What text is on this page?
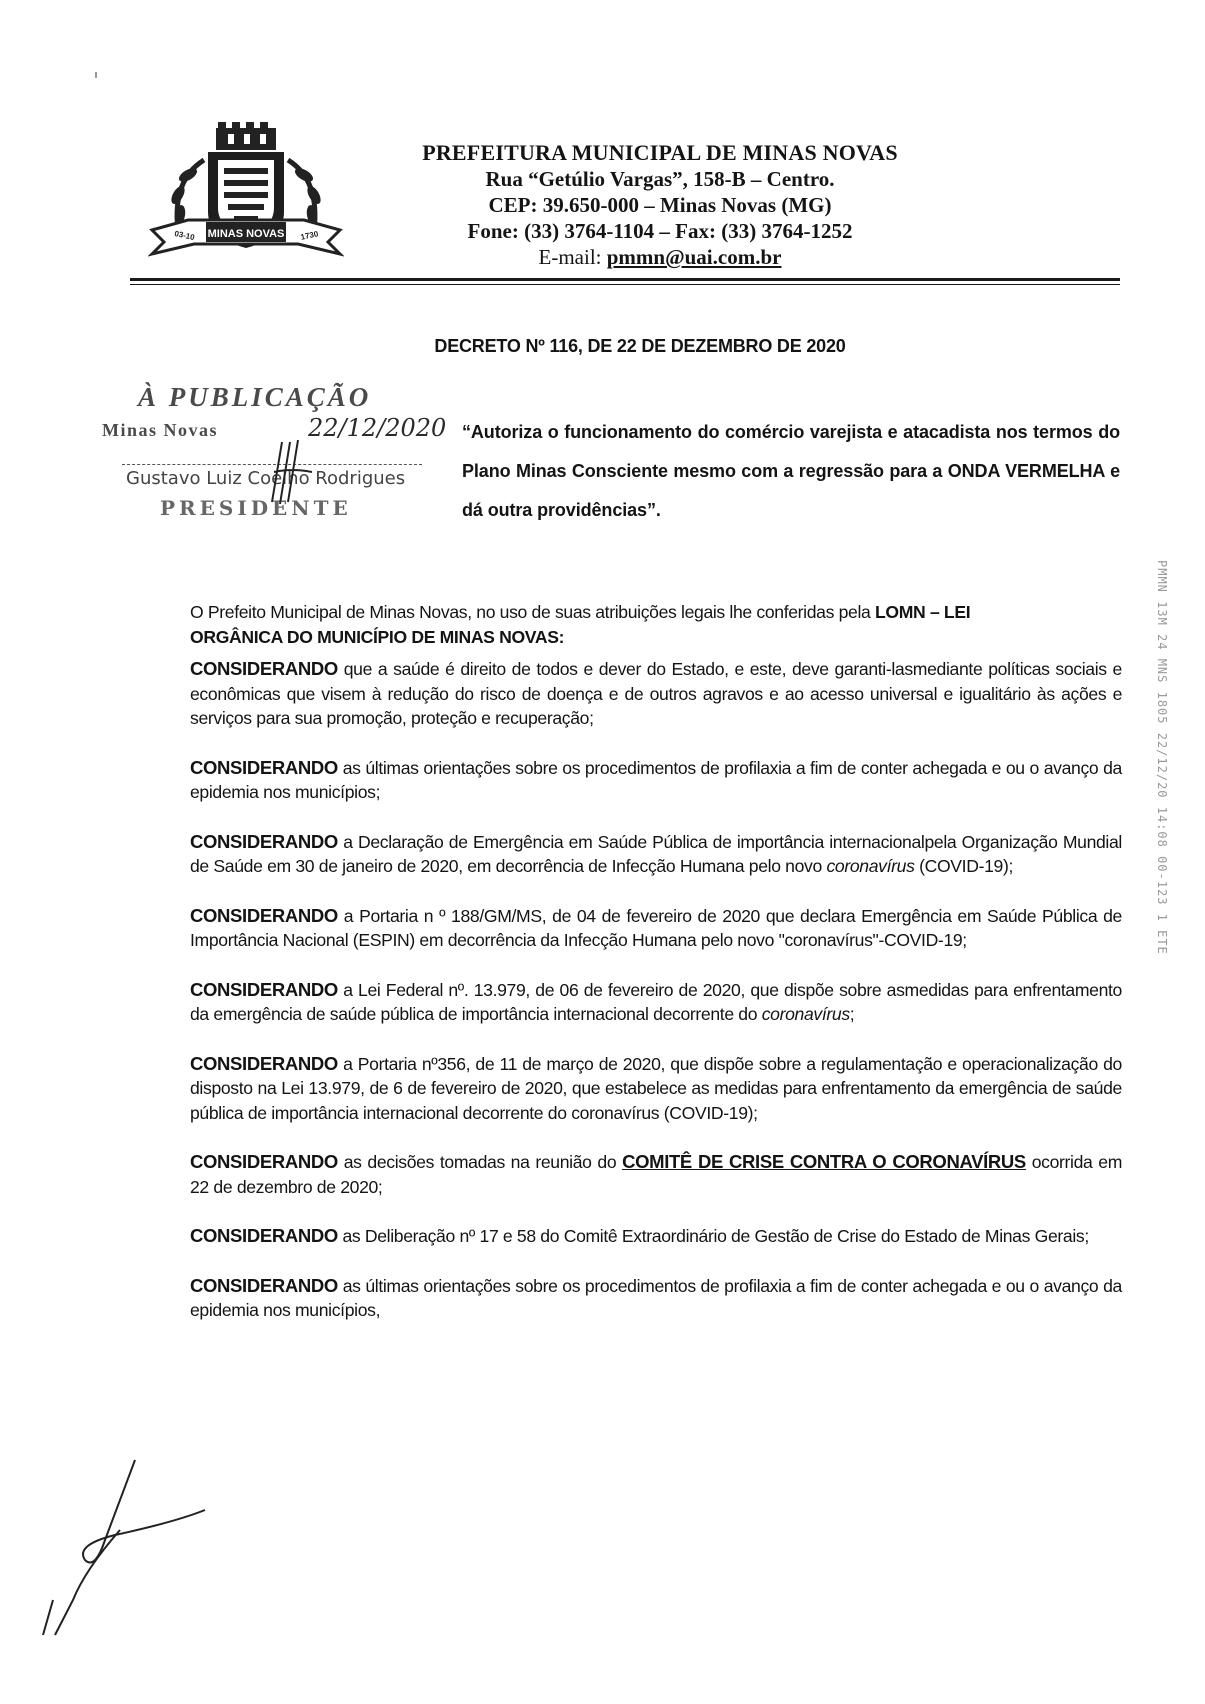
MINAS NOVAS
03-10	1730
PREFEITURA MUNICIPAL DE MINAS NOVAS
Rua “Getúlio Vargas”, 158-B – Centro.
CEP: 39.650-000 – Minas Novas (MG)
Fone: (33) 3764-1104 – Fax: (33) 3764-1252
E-mail: pmmn@uai.com.br
DECRETO Nº 116, DE 22 DE DEZEMBRO DE 2020
À PUBLICAÇÃO
Minas Novas	22/12/2020
Gustavo Luiz Coelho Rodrigues
PRESIDENTE
“Autoriza o funcionamento do comércio varejista e atacadista nos termos do Plano Minas Consciente mesmo com a regressão para a ONDA VERMELHA e dá outra providências”.

O Prefeito Municipal de Minas Novas, no uso de suas atribuições legais lhe conferidas pela LOMN – LEI
ORGÂNICA DO MUNICÍPIO DE MINAS NOVAS:

CONSIDERANDO que a saúde é direito de todos e dever do Estado, e este, deve garanti-lasmediante políticas sociais e econômicas que visem à redução do risco de doença e de outros agravos e ao acesso universal e igualitário às ações e serviços para sua promoção, proteção e recuperação;

CONSIDERANDO as últimas orientações sobre os procedimentos de profilaxia a fim de conter achegada e ou o avanço da epidemia nos municípios;

CONSIDERANDO a Declaração de Emergência em Saúde Pública de importância internacionalpela Organização Mundial de Saúde em 30 de janeiro de 2020, em decorrência de Infecção Humana pelo novo coronavírus (COVID-19);

CONSIDERANDO a Portaria n º 188/GM/MS, de 04 de fevereiro de 2020 que declara Emergência em Saúde Pública de Importância Nacional (ESPIN) em decorrência da Infecção Humana pelo novo "coronavírus"-COVID-19;

CONSIDERANDO a Lei Federal nº. 13.979, de 06 de fevereiro de 2020, que dispõe sobre asmedidas para enfrentamento da emergência de saúde pública de importância internacional decorrente do coronavírus;

CONSIDERANDO a Portaria nº356, de 11 de março de 2020, que dispõe sobre a regulamentação e operacionalização do disposto na Lei 13.979, de 6 de fevereiro de 2020, que estabelece as medidas para enfrentamento da emergência de saúde pública de importância internacional decorrente do coronavírus (COVID-19);

CONSIDERANDO as decisões tomadas na reunião do COMITÊ DE CRISE CONTRA O CORONAVÍRUS ocorrida em 22 de dezembro de 2020;

CONSIDERANDO as Deliberação nº 17 e 58 do Comitê Extraordinário de Gestão de Crise do Estado de Minas Gerais;

CONSIDERANDO as últimas orientações sobre os procedimentos de profilaxia a fim de conter achegada e ou o avanço da epidemia nos municípios,

PMMN 13M 24 MNS 1805 22/12/20 14:08 00-123 1 ETE
